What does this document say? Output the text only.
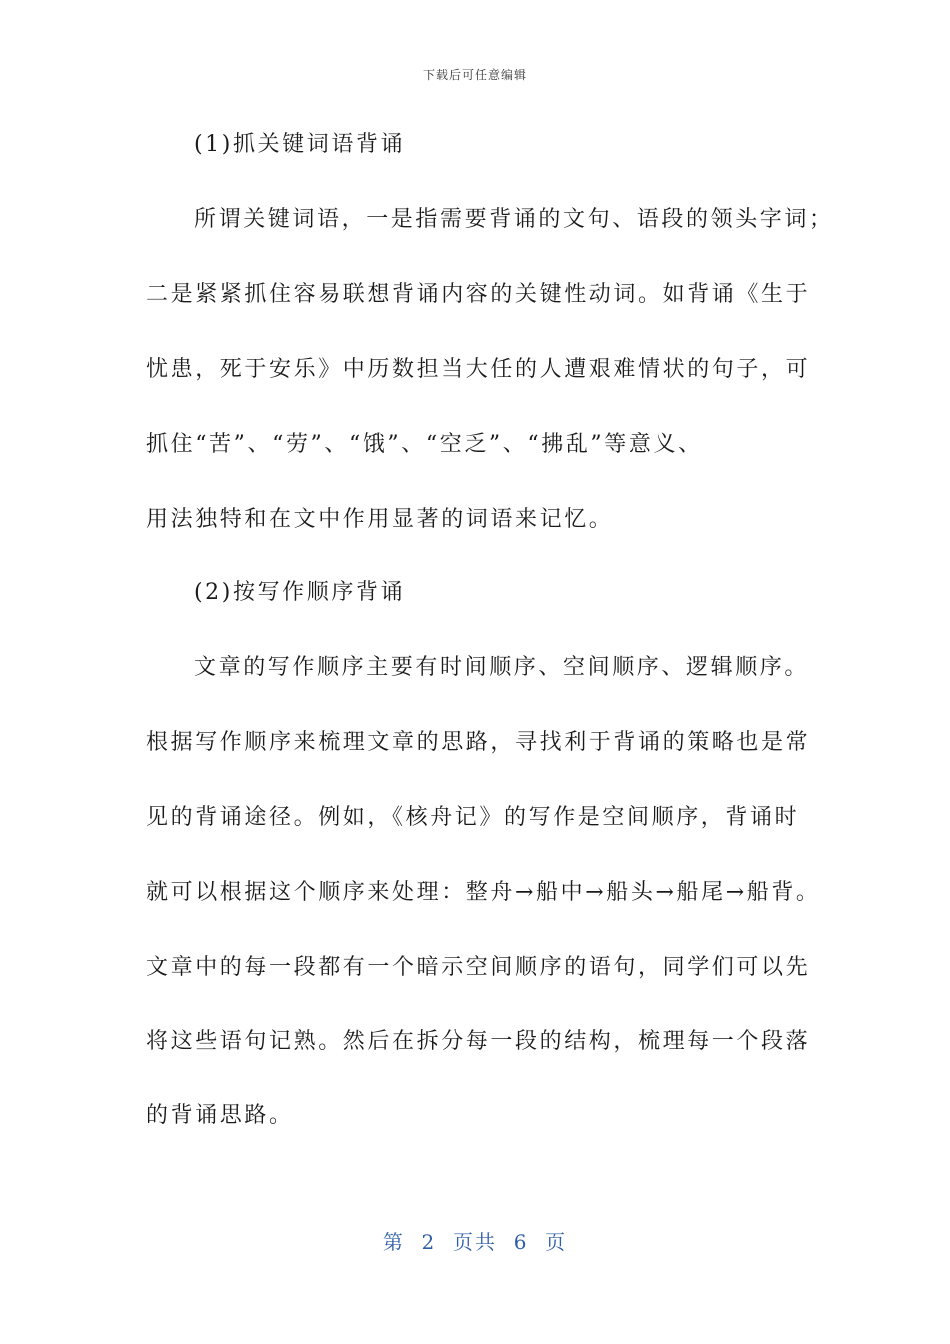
下载后可任意编辑
(1)抓关键词语背诵
所谓关键词语，一是指需要背诵的文句、语段的领头字词；
二是紧紧抓住容易联想背诵内容的关键性动词。如背诵《生于
忧患，死于安乐》中历数担当大任的人遭艰难情状的句子，可
抓住“苦”、“劳”、“饿”、“空乏”、“拂乱”等意义、
用法独特和在文中作用显著的词语来记忆。
(2)按写作顺序背诵
文章的写作顺序主要有时间顺序、空间顺序、逻辑顺序。
根据写作顺序来梳理文章的思路，寻找利于背诵的策略也是常
见的背诵途径。例如，《核舟记》的写作是空间顺序，背诵时
就可以根据这个顺序来处理：整舟→船中→船头→船尾→船背。
文章中的每一段都有一个暗示空间顺序的语句，同学们可以先
将这些语句记熟。然后在拆分每一段的结构，梳理每一个段落
的背诵思路。
第  2  页共  6  页
